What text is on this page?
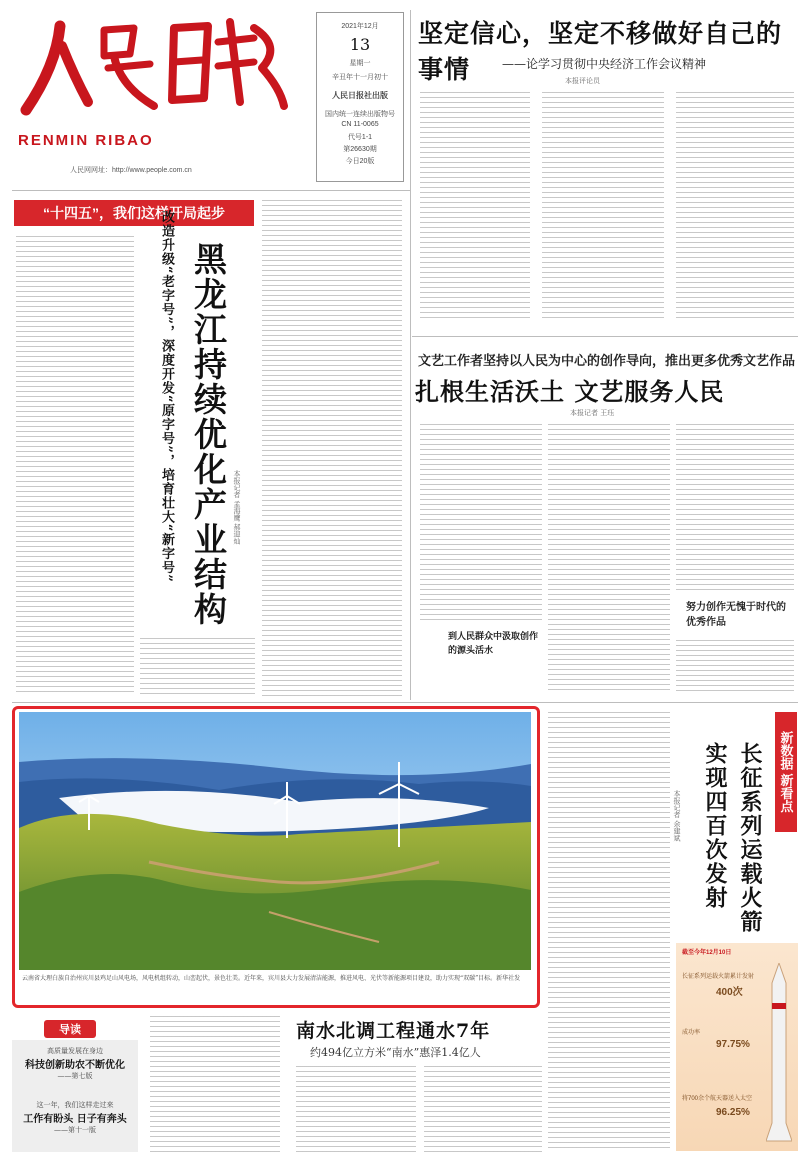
RENMIN RIBAO
人民网网址：http://www.people.com.cn
2021年12月
13
星期一
辛丑年十一月初十
人民日报社出版
国内统一连续出版物号
CN 11-0065
代号1-1
第26630期
今日20版
坚定信心，坚定不移做好自己的事情	——论学习贯彻中央经济工作会议精神
本报评论员
“十四五”，我们这样开局起步
改造升级“老字号”，深度开发“原字号”，培育壮大“新字号” 黑龙江持续优化产业结构 本报记者 孟海鹰 郝迎灿
文艺工作者坚持以人民为中心的创作导向，推出更多优秀文艺作品
扎根生活沃土 文艺服务人民
本报记者 王珏
到人民群众中汲取创作的源头活水
努力创作无愧于时代的优秀作品
云南省大理白族自治州宾川县鸡足山风电场，风电机组转动，山峦起伏，景色壮美。近年来，宾川县大力发展清洁能源，推进风电、光伏等新能源项目建设，助力实现“双碳”目标。新华社发
新数据 新看点
长征系列运载火箭
实现四百次发射
本报记者 余建斌
截至今年12月10日
长征系列运载火箭累计发射
400次
成功率
97.75%
将700余个航天器送入太空
96.25%
南水北调工程通水7年
约494亿立方米“南水”惠泽1.4亿人
高质量发展在身边
科技创新助农不断优化
——第七版
这一年，我们这样走过来
工作有盼头 日子有奔头
——第十一版
导读
